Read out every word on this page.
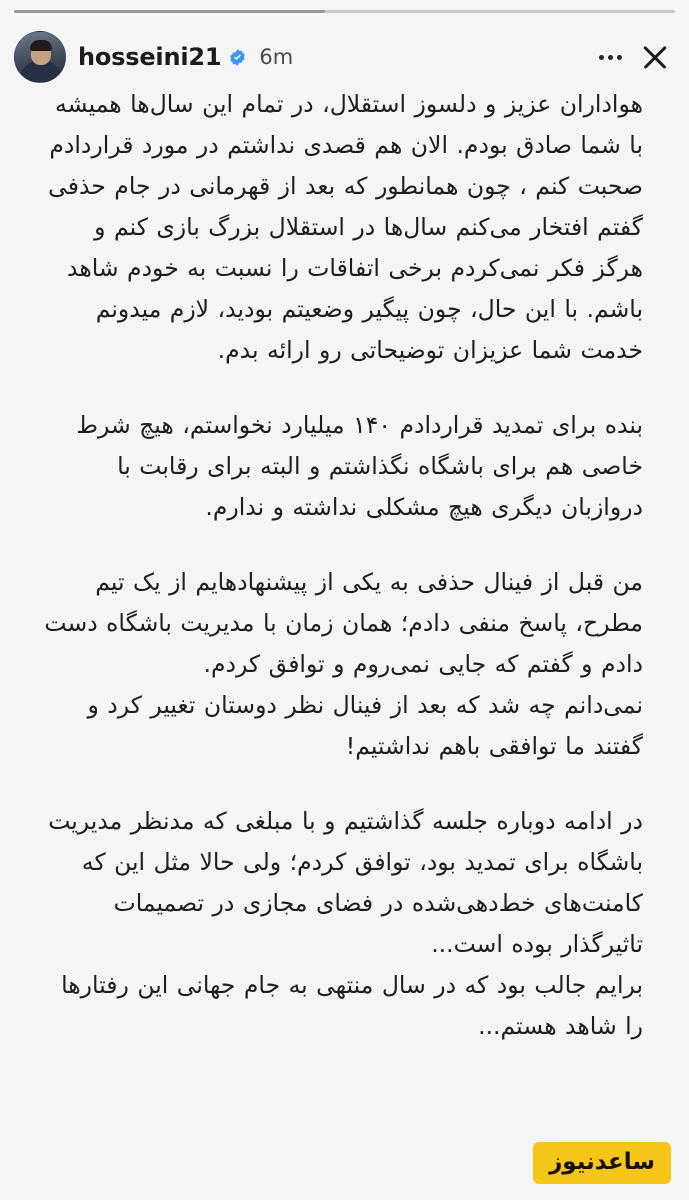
hosseini21 6m
هواداران عزیز و دلسوز استقلال، در تمام این سال‌ها همیشه با شما صادق بودم. الان هم قصدی نداشتم در مورد قراردادم صحبت کنم ، چون همانطور که بعد از قهرمانی در جام حذفی گفتم افتخار می‌کنم سال‌ها در استقلال بزرگ بازی کنم و هرگز فکر نمی‌کردم برخی اتفاقات را نسبت به خودم شاهد باشم. با این حال، چون پیگیر وضعیتم بودید، لازم میدونم خدمت شما عزیزان توضیحاتی رو ارائه بدم.
بنده برای تمدید قراردادم ۱۴۰ میلیارد نخواستم، هیچ شرط خاصی هم برای باشگاه نگذاشتم و البته برای رقابت با دروازبان دیگری هیچ مشکلی نداشته و ندارم.
من قبل از فینال حذفی به یکی از پیشنهادهایم از یک تیم مطرح، پاسخ منفی دادم؛ همان زمان با مدیریت باشگاه دست دادم و گفتم که جایی نمی‌روم و توافق کردم.
نمی‌دانم چه شد که بعد از فینال نظر دوستان تغییر کرد و گفتند ما توافقی باهم نداشتیم!
در ادامه دوباره جلسه گذاشتیم و با مبلغی که مدنظر مدیریت باشگاه برای تمدید بود، توافق کردم؛ ولی حالا مثل این که کامنت‌های خط‌دهی‌شده در فضای مجازی در تصمیمات تاثیرگذار بوده است...
برایم جالب بود که در سال منتهی به جام جهانی این رفتارها را شاهد هستم...
ساعدنیوز
